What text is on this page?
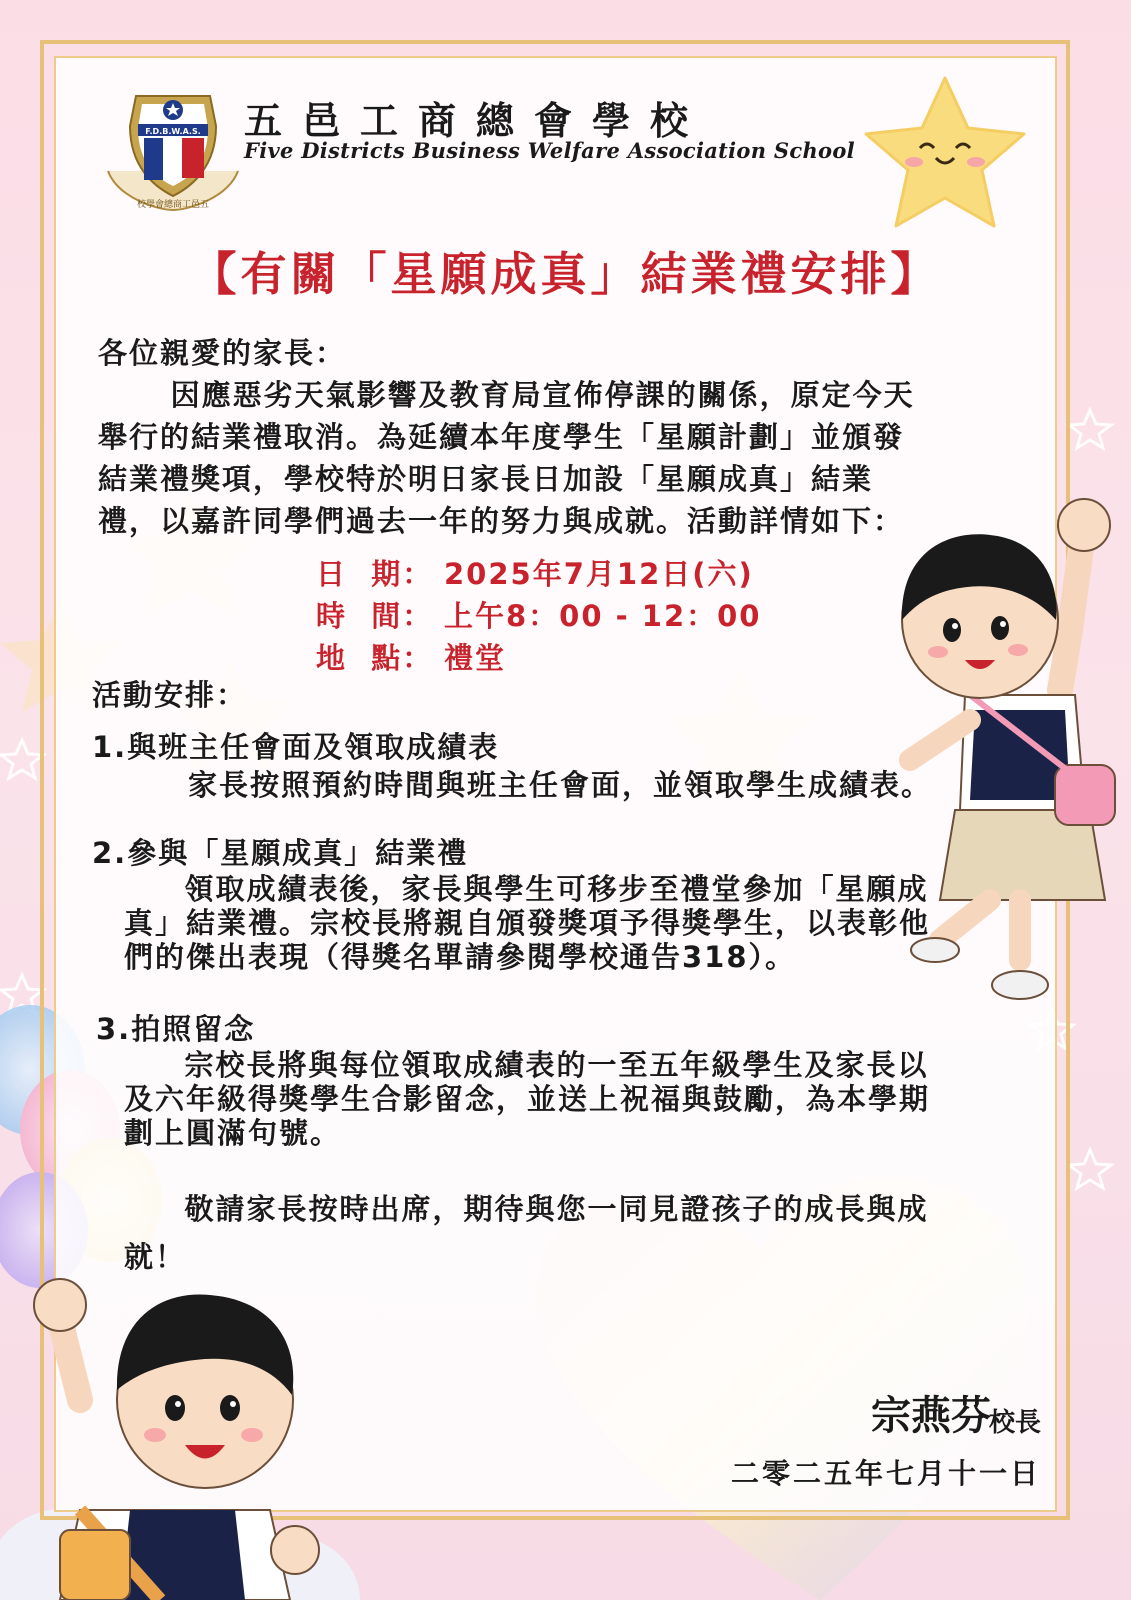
F.D.B.W.A.S.
校學會總商工邑五
五邑工商總會學校
Five Districts Business Welfare Association School
【有關「星願成真」結業禮安排】
各位親愛的家長：
因應惡劣天氣影響及教育局宣佈停課的關係，原定今天
舉行的結業禮取消。為延續本年度學生「星願計劃」並頒發
結業禮獎項，學校特於明日家長日加設「星願成真」結業
禮，以嘉許同學們過去一年的努力與成就。活動詳情如下：
日  期： 2025年7月12日(六)
時  間： 上午8：00 - 12：00
地  點： 禮堂
活動安排：
1.與班主任會面及領取成績表
家長按照預約時間與班主任會面，並領取學生成績表。
2.參與「星願成真」結業禮
領取成績表後，家長與學生可移步至禮堂參加「星願成
真」結業禮。宗校長將親自頒發獎項予得獎學生，以表彰他
們的傑出表現（得獎名單請參閱學校通告318）。
3.拍照留念
宗校長將與每位領取成績表的一至五年級學生及家長以
及六年級得獎學生合影留念，並送上祝福與鼓勵，為本學期
劃上圓滿句號。
敬請家長按時出席，期待與您一同見證孩子的成長與成
就！
宗燕芬
校長
二零二五年七月十一日
